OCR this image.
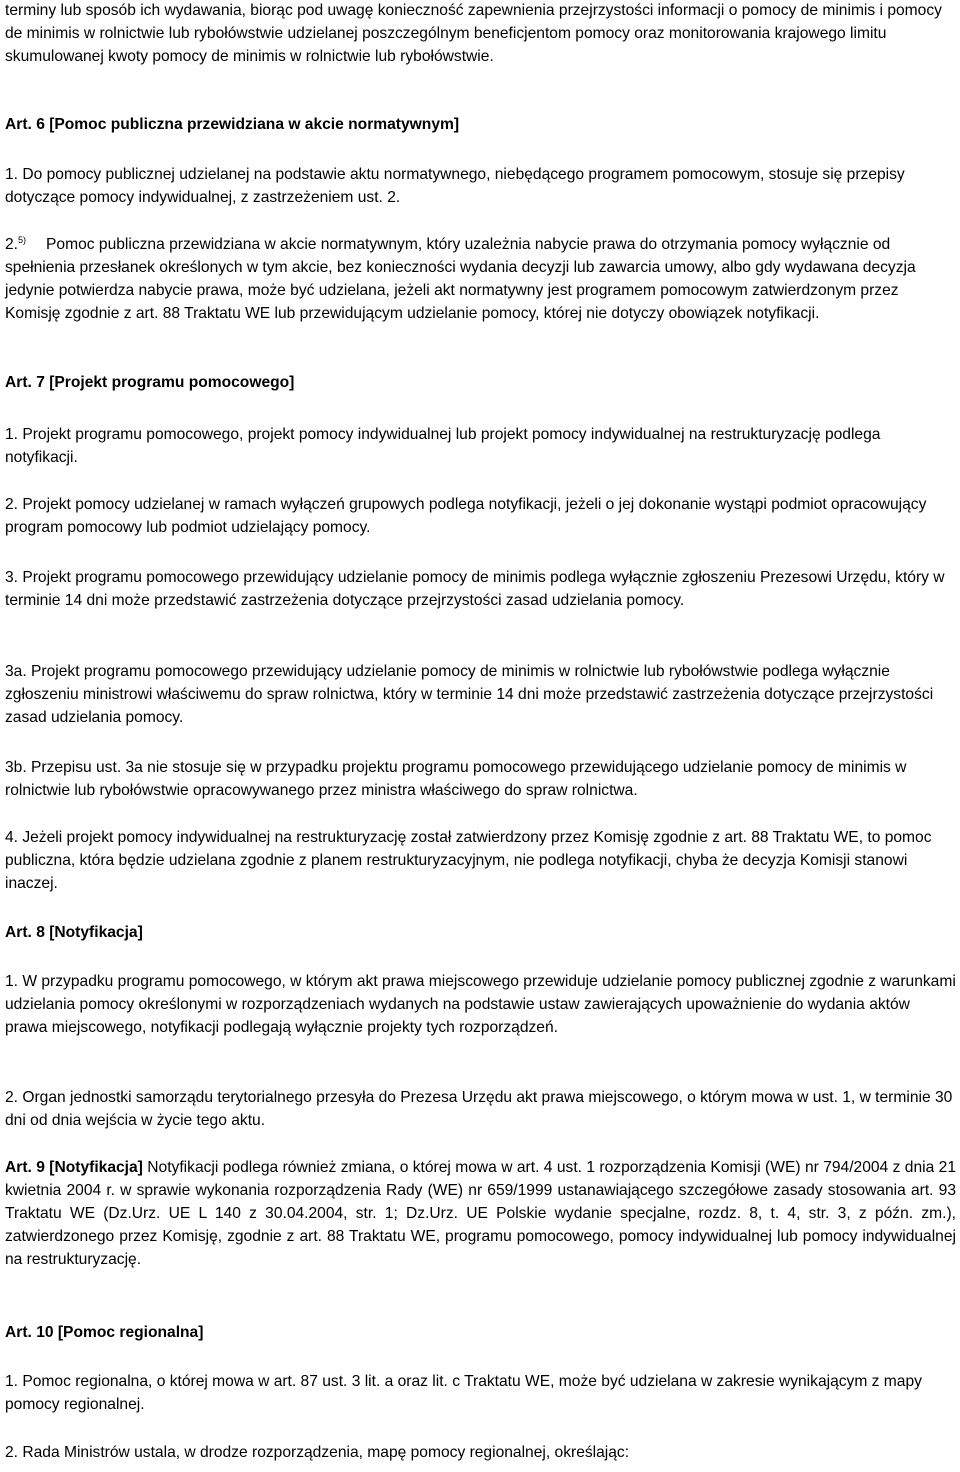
terminy lub sposób ich wydawania, biorąc pod uwagę konieczność zapewnienia przejrzystości informacji o pomocy de minimis i pomocy de minimis w rolnictwie lub rybołówstwie udzielanej poszczególnym beneficjentom pomocy oraz monitorowania krajowego limitu skumulowanej kwoty pomocy de minimis w rolnictwie lub rybołówstwie.

Art. 6 [Pomoc publiczna przewidziana w akcie normatywnym]

1. Do pomocy publicznej udzielanej na podstawie aktu normatywnego, niebędącego programem pomocowym, stosuje się przepisy dotyczące pomocy indywidualnej, z zastrzeżeniem ust. 2.

2.$^{5)}$ Pomoc publiczna przewidziana w akcie normatywnym, który uzależnia nabycie prawa do otrzymania pomocy wyłącznie od spełnienia przesłanek określonych w tym akcie, bez konieczności wydania decyzji lub zawarcia umowy, albo gdy wydawana decyzja jedynie potwierdza nabycie prawa, może być udzielana, jeżeli akt normatywny jest programem pomocowym zatwierdzonym przez Komisję zgodnie z art. 88 Traktatu WE lub przewidującym udzielanie pomocy, której nie dotyczy obowiązek notyfikacji.

Art. 7 [Projekt programu pomocowego]

1. Projekt programu pomocowego, projekt pomocy indywidualnej lub projekt pomocy indywidualnej na restrukturyzację podlega notyfikacji.

2. Projekt pomocy udzielanej w ramach wyłączeń grupowych podlega notyfikacji, jeżeli o jej dokonanie wystąpi podmiot opracowujący program pomocowy lub podmiot udzielający pomocy.

3. Projekt programu pomocowego przewidujący udzielanie pomocy de minimis podlega wyłącznie zgłoszeniu Prezesowi Urzędu, który w terminie 14 dni może przedstawić zastrzeżenia dotyczące przejrzystości zasad udzielania pomocy.

3a. Projekt programu pomocowego przewidujący udzielanie pomocy de minimis w rolnictwie lub rybołówstwie podlega wyłącznie zgłoszeniu ministrowi właściwemu do spraw rolnictwa, który w terminie 14 dni może przedstawić zastrzeżenia dotyczące przejrzystości zasad udzielania pomocy.

3b. Przepisu ust. 3a nie stosuje się w przypadku projektu programu pomocowego przewidującego udzielanie pomocy de minimis w rolnictwie lub rybołówstwie opracowywanego przez ministra właściwego do spraw rolnictwa.

4. Jeżeli projekt pomocy indywidualnej na restrukturyzację został zatwierdzony przez Komisję zgodnie z art. 88 Traktatu WE, to pomoc publiczna, która będzie udzielana zgodnie z planem restrukturyzacyjnym, nie podlega notyfikacji, chyba że decyzja Komisji stanowi inaczej.

Art. 8 [Notyfikacja]

1. W przypadku programu pomocowego, w którym akt prawa miejscowego przewiduje udzielanie pomocy publicznej zgodnie z warunkami udzielania pomocy określonymi w rozporządzeniach wydanych na podstawie ustaw zawierających upoważnienie do wydania aktów prawa miejscowego, notyfikacji podlegają wyłącznie projekty tych rozporządzeń.

2. Organ jednostki samorządu terytorialnego przesyła do Prezesa Urzędu akt prawa miejscowego, o którym mowa w ust. 1, w terminie 30 dni od dnia wejścia w życie tego aktu.

Art. 9 [Notyfikacja] Notyfikacji podlega również zmiana, o której mowa w art. 4 ust. 1 rozporządzenia Komisji (WE) nr 794/2004 z dnia 21 kwietnia 2004 r. w sprawie wykonania rozporządzenia Rady (WE) nr 659/1999 ustanawiającego szczegółowe zasady stosowania art. 93 Traktatu WE (Dz.Urz. UE L 140 z 30.04.2004, str. 1; Dz.Urz. UE Polskie wydanie specjalne, rozdz. 8, t. 4, str. 3, z późn. zm.), zatwierdzonego przez Komisję, zgodnie z art. 88 Traktatu WE, programu pomocowego, pomocy indywidualnej lub pomocy indywidualnej na restrukturyzację.

Art. 10 [Pomoc regionalna]

1. Pomoc regionalna, o której mowa w art. 87 ust. 3 lit. a oraz lit. c Traktatu WE, może być udzielana w zakresie wynikającym z mapy pomocy regionalnej.

2. Rada Ministrów ustala, w drodze rozporządzenia, mapę pomocy regionalnej, określając:
